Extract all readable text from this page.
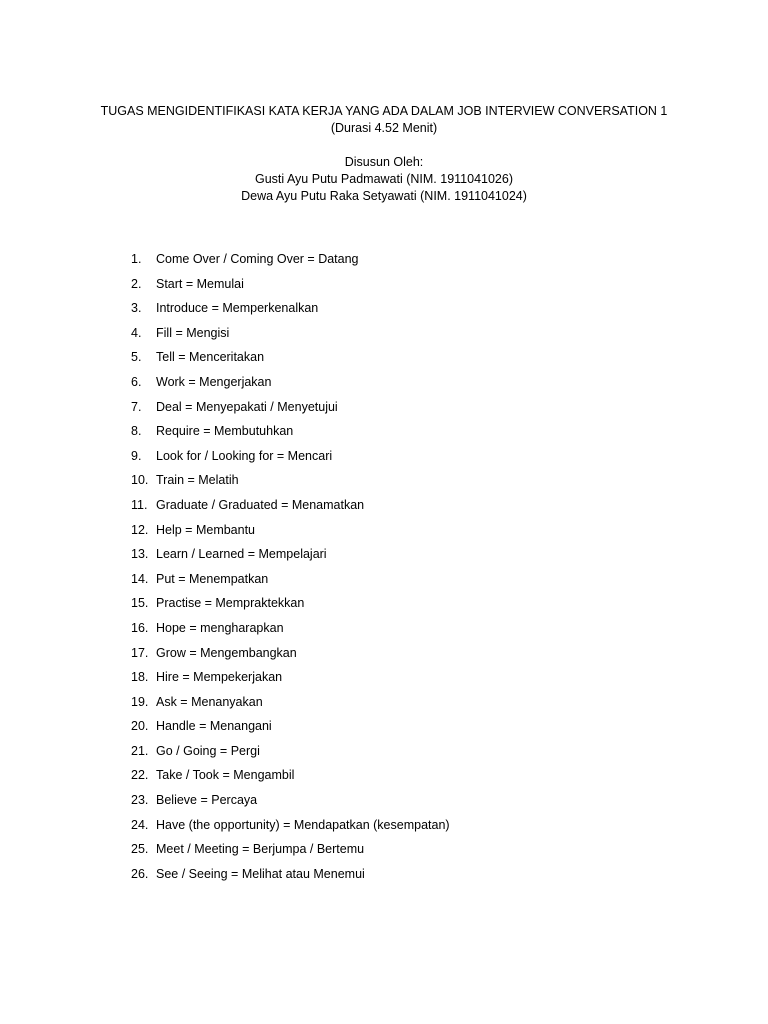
TUGAS MENGIDENTIFIKASI KATA KERJA YANG ADA DALAM JOB INTERVIEW CONVERSATION 1
(Durasi 4.52 Menit)
Disusun Oleh:
Gusti Ayu Putu Padmawati (NIM. 1911041026)
Dewa Ayu Putu Raka Setyawati (NIM. 1911041024)
1.	Come Over / Coming Over = Datang
2.	Start = Memulai
3.	Introduce = Memperkenalkan
4.	Fill = Mengisi
5.	Tell = Menceritakan
6.	Work = Mengerjakan
7.	Deal = Menyepakati / Menyetujui
8.	Require = Membutuhkan
9.	Look for / Looking for = Mencari
10. Train = Melatih
11. Graduate / Graduated = Menamatkan
12. Help = Membantu
13. Learn / Learned = Mempelajari
14. Put = Menempatkan
15. Practise = Mempraktekkan
16. Hope = mengharapkan
17. Grow = Mengembangkan
18. Hire = Mempekerjakan
19. Ask = Menanyakan
20. Handle = Menangani
21. Go / Going = Pergi
22. Take / Took = Mengambil
23. Believe = Percaya
24. Have (the opportunity) = Mendapatkan (kesempatan)
25. Meet / Meeting = Berjumpa / Bertemu
26. See / Seeing = Melihat atau Menemui
